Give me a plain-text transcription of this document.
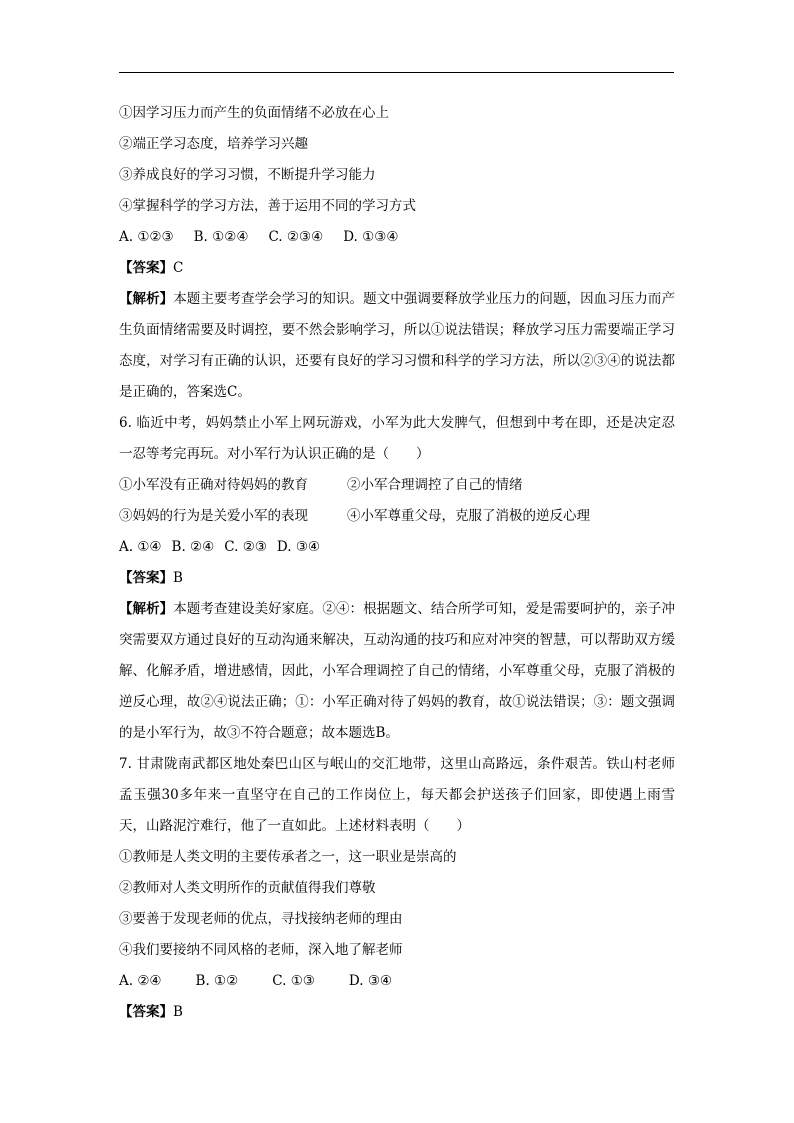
①因学习压力而产生的负面情绪不必放在心上
②端正学习态度，培养学习兴趣
③养成良好的学习习惯，不断提升学习能力
④掌握科学的学习方法，善于运用不同的学习方式
A. ①②③ B. ①②④ C. ②③④ D. ①③④
【答案】C
【解析】本题主要考查学会学习的知识。题文中强调要释放学业压力的问题，因血习压力而产生负面情绪需要及时调控，要不然会影响学习，所以①说法错误；释放学习压力需要端正学习态度，对学习有正确的认识，还要有良好的学习习惯和科学的学习方法，所以②③④的说法都是正确的，答案选C。
6. 临近中考，妈妈禁止小军上网玩游戏，小军为此大发脾气，但想到中考在即，还是决定忍一忍等考完再玩。对小军行为认识正确的是（　　）
①小军没有正确对待妈妈的教育	②小军合理调控了自己的情绪
③妈妈的行为是关爱小军的表现	④小军尊重父母，克服了消极的逆反心理
A. ①④ B. ②④ C. ②③ D. ③④
【答案】B
【解析】本题考查建设美好家庭。②④：根据题文、结合所学可知，爱是需要呵护的，亲子冲突需要双方通过良好的互动沟通来解决，互动沟通的技巧和应对冲突的智慧，可以帮助双方缓解、化解矛盾，增进感情，因此，小军合理调控了自己的情绪，小军尊重父母，克服了消极的逆反心理，故②④说法正确；①：小军正确对待了妈妈的教育，故①说法错误；③：题文强调的是小军行为，故③不符合题意；故本题选B。
7. 甘肃陇南武都区地处秦巴山区与岷山的交汇地带，这里山高路远，条件艰苦。铁山村老师孟玉强30多年来一直坚守在自己的工作岗位上，每天都会护送孩子们回家，即使遇上雨雪天，山路泥泞难行，他了一直如此。上述材料表明（　　）
①教师是人类文明的主要传承者之一，这一职业是崇高的
②教师对人类文明所作的贡献值得我们尊敬
③要善于发现老师的优点，寻找接纳老师的理由
④我们要接纳不同风格的老师，深入地了解老师
A. ②④	B. ①②	C. ①③	D. ③④
【答案】B
